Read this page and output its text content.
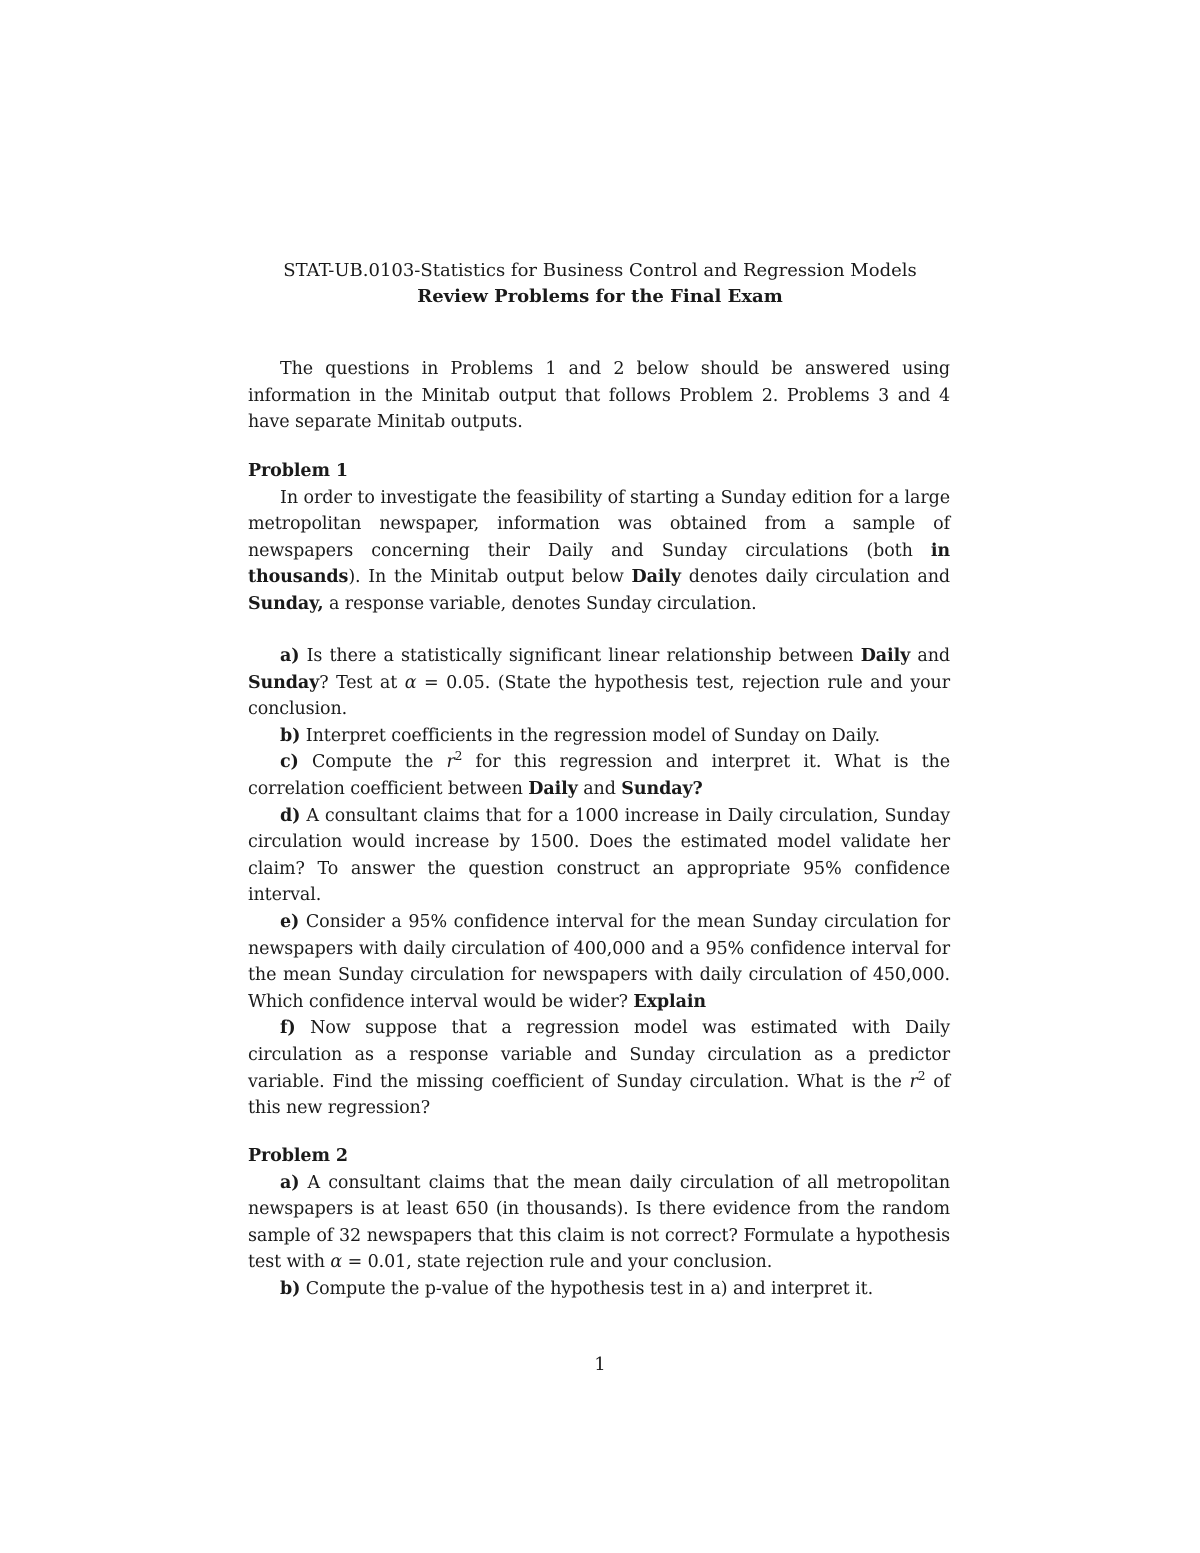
STAT-UB.0103-Statistics for Business Control and Regression Models
Review Problems for the Final Exam

The questions in Problems 1 and 2 below should be answered using information in the Minitab output that follows Problem 2. Problems 3 and 4 have separate Minitab outputs.

Problem 1

In order to investigate the feasibility of starting a Sunday edition for a large metropolitan newspaper, information was obtained from a sample of newspapers concerning their Daily and Sunday circulations (both in thousands). In the Minitab output below Daily denotes daily circulation and Sunday, a response variable, denotes Sunday circulation.

a) Is there a statistically significant linear relationship between Daily and Sunday? Test at α = 0.05. (State the hypothesis test, rejection rule and your conclusion.

b) Interpret coefficients in the regression model of Sunday on Daily.

c) Compute the $r^2$ for this regression and interpret it. What is the correlation coefficient between Daily and Sunday?

d) A consultant claims that for a 1000 increase in Daily circulation, Sunday circulation would increase by 1500. Does the estimated model validate her claim? To answer the question construct an appropriate 95% confidence interval.

e) Consider a 95% confidence interval for the mean Sunday circulation for newspapers with daily circulation of 400,000 and a 95% confidence interval for the mean Sunday circulation for newspapers with daily circulation of 450,000. Which confidence interval would be wider? Explain

f) Now suppose that a regression model was estimated with Daily circulation as a response variable and Sunday circulation as a predictor variable. Find the missing coefficient of Sunday circulation. What is the $r^2$ of this new regression?

Problem 2

a) A consultant claims that the mean daily circulation of all metropolitan newspapers is at least 650 (in thousands). Is there evidence from the random sample of 32 newspapers that this claim is not correct? Formulate a hypothesis test with α = 0.01, state rejection rule and your conclusion.

b) Compute the p-value of the hypothesis test in a) and interpret it.

1
